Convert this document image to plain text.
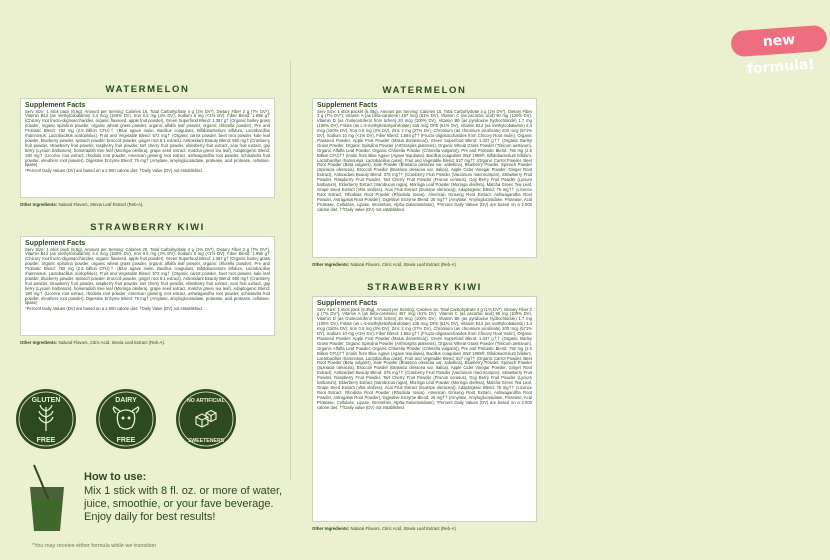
new formula!
WATERMELON
Supplement Facts
Serv Size: 1 stick pack (6.6g), Amount per Serving: Calories 15, Total Carbohydrate 4 g (1% DV*), Dietary Fiber 2 g (7% DV*), Vitamin B12 (as methylcobalamin) 3.4 mcg (150% DV), Iron 0.5 mg (3% DV), Sodium 8 mg (<1% DV), Fiber Blend: 1.686 g† (Chicory root fructo-oligosaccharides, organic flaxseed, apple fruit powder), Green Superfood Blend: 1.367 g† (Organic barley grass powder, organic spirulina powder, organic wheat grass powder, organic alfalfa leaf powder, organic chlorella powder), Pre and Probiotic Blend: 792 mg (2.5 billion CFU)† (Blue agave inulin, Bacillus coagulans, Bifidobacterium bifidum, Lactobacillus rhamnosus, Lactobacillus acidophilus), Fruit and Vegetable Blend: 572 mg† (Organic carrot powder, beet root powder, kale leaf powder, blueberry powder, spinach powder, broccoli powder, ginger root 5:1 extract), Antioxidant Beauty Blend: 550 mg† (Cranberry fruit powder, strawberry fruit powder, raspberry fruit powder, tart cherry fruit powder, elderberry fruit extract, acai fruit extract, goji berry (Lycium barbarum), horseradish tree leaf (Moringa oleifera), grape seed extract, matcha green tea leaf), Adaptogenic Blend: 180 mg† (Licorice root extract, rhodiola root powder, American ginseng root extract, ashwagandha root powder, schisandra fruit powder, eleuthero root powder), Digestive Enzyme Blend: 75 mg† (Amylase, amyloglucosidase, protease, acid protease, cellulase, lipase)
*Percent Daily Values (DV) are based on a 2,000 calorie diet. †Daily Value (DV) not established.
Other Ingredients: Natural Flavors, Stevia Leaf Extract (Reb-A).
STRAWBERRY KIWI
Supplement Facts
Serv Size: 1 stick pack (6.8g), Amount per Serving: Calories 20, Total Carbohydrate 4 g (1% DV*), Dietary Fiber 2 g (7% DV*), Vitamin B12 (as methylcobalamin) 3.4 mcg (150% DV), Iron 0.5 mg (3% DV), Sodium 8 mg (<1% DV), Fiber Blend: 1.686 g† (Chicory root fructo-oligosaccharides, organic flaxseed, apple fruit powder), Green Superfood Blend: 1.367 g† (Organic barley grass powder, organic spirulina powder, organic wheat grass powder, organic alfalfa leaf powder, organic chlorella powder), Pre and Probiotic Blend: 792 mg (2.5 billion CFU)† (Blue agave inulin, Bacillus coagulans, Bifidobacterium bifidum, Lactobacillus rhamnosus, Lactobacillus acidophilus), Fruit and Vegetable Blend: 572 mg† (Organic carrot powder, beet root powder, kale leaf powder, blueberry powder, spinach powder, broccoli powder, ginger root 5:1 extract), Antioxidant Beauty Blend: 550 mg† (Cranberry fruit powder, strawberry fruit powder, raspberry fruit powder, tart cherry fruit powder, elderberry fruit extract, acai fruit extract, goji berry (Lycium barbarum), horseradish tree leaf (Moringa oleifera), grape seed extract, matcha green tea leaf), Adaptogenic Blend: 180 mg† (Licorice root extract, rhodiola root powder, American ginseng root extract, ashwagandha root powder, schisandra fruit powder, eleuthero root powder), Digestive Enzyme Blend: 75 mg† (Amylase, amyloglucosidase, protease, acid protease, cellulase, lipase)
*Percent Daily Values (DV) are based on a 2,000 calorie diet. †Daily Value (DV) not established.
Other Ingredients: Natural Flavors, Citric Acid, Stevia Leaf Extract (Reb-A).
WATERMELON
Supplement Facts
Serv Size: 1 stick packet (5.48g), Amount per Serving: Calories 15, Total Carbohydrate 4 g (1% DV*), Dietary Fiber 2 g (7% DV*), Vitamin A (as beta-carotene) 457 mcg (51% DV), Vitamin C (as ascorbic acid) 90 mg (100% DV), Vitamin D (as cholecalciferol from lichen) 20 mcg (100% DV), Vitamin B6 (as pyridoxine hydrochloride) 1.7 mg (100% DV), Folate (as L-5-methyltetrahydrofolate) 245 mcg DFE (61% DV), Vitamin B12 (as methylcobalamin) 3.4 mcg (150% DV), Iron 0.5 mg (3% DV), Zinc 3 mg (27% DV), Chromium (as chromium picolinate) 200 mcg (571% DV), Sodium 10 mg (<1% DV), Fiber Blend: 1.584 g†† (Fructo-oligosaccharides from Chicory Root Inulin), Organic Flaxseed Powder, Apple Fruit Powder (Malus domestica)), Green Superfood Blend: 1.337 g†† (Organic Barley Grass Powder, Organic Spirulina Powder (Arthrospira platensis), Organic Wheat Grass Powder (Triticum aestivum), Organic Alfalfa Leaf Powder, Organic Chlorella Powder (Chlorella vulgaris)), Pre and Probiotic Blend: 792 mg (2.5 Billion CFU)†† (Inulin from Blue Agave (Agave tequilana), Bacillus coagulans SNZ 1969®, Bifidobacterium bifidum, Lactobacillus rhamnosus, Lactobacillus casei), Fruit and Vegetable Blend: 527 mg†† (Organic Carrot Powder, Beet Root Powder (Beta vulgaris), Kale Powder (Brassica oleracea var. sabellica), Blueberry Powder, Spinach Powder (Spinacia oleracea), Broccoli Powder (Brassica oleracea var. italica), Apple Cider Vinegar Powder, Ginger Root Extract), Antioxidant Beauty Blend: 375 mg†† (Cranberry Fruit Powder (Vaccinium macrocarpon), Strawberry Fruit Powder, Raspberry Fruit Powder, Tart Cherry Fruit Powder (Prunus cerasus), Goji Berry Fruit Powder (Lycium barbarum), Elderberry Extract (Sambucus nigra), Moringa Leaf Powder (Moringa oleifera), Matcha Green Tea Leaf, Grape Seed Extract (Vitis vinifera), Acai Fruit Extract (Euterpe oleracea)), Adaptogenic Blend: 75 mg†† (Licorice Root Extract, Rhodiola Root Powder (Rhodiola rosea), American Ginseng Root Extract, Ashwagandha Root Powder, Astragalus Root Powder), Digestive Enzyme Blend: 25 mg†† (Amylase, Amyloglucosidase, Protease, Acid Protease, Cellulase, Lipase, Bromelain, Alpha-Galactosidase), *Percent Daily Values (DV) are based on a 2,000 calorie diet. ††Daily value (DV) not established.
Other Ingredients: Natural Flavors, Citric Acid, Stevia Leaf Extract (Reb-A)
STRAWBERRY KIWI
Supplement Facts
Serv Size: 1 stick pack (6.35g), Amount per Serving: Calories 15, Total Carbohydrate 4 g (1% DV*), Dietary Fiber 2 g (7% DV*), Vitamin A (as beta-carotene) 457 mcg (51% DV), Vitamin C (as ascorbic acid) 90 mg (100% DV), Vitamin D (as cholecalciferol from lichen) 20 mcg (100% DV), Vitamin B6 (as pyridoxine hydrochloride) 1.7 mg (100% DV), Folate (as L-5-methyltetrahydrofolate) 245 mcg DFE (61% DV), Vitamin B12 (as methylcobalamin) 3.4 mcg (150% DV), Iron 0.5 mg (3% DV), Zinc 3 mg (27% DV), Chromium (as chromium picolinate) 200 mcg (571% DV), Sodium 10 mg (<1% DV), Fiber Blend: 1.584 g†† (Fructo-oligosaccharides from Chicory Root Inulin), Organic Flaxseed Powder, Apple Fruit Powder (Malus domestica)), Green Superfood Blend: 1.337 g†† (Organic Barley Grass Powder, Organic Spirulina Powder (Arthrospira platensis), Organic Wheat Grass Powder (Triticum aestivum), Organic Alfalfa Leaf Powder, Organic Chlorella Powder (Chlorella vulgaris)), Pre and Probiotic Blend: 792 mg (2.5 Billion CFU)†† (Inulin from Blue Agave (Agave tequilana), Bacillus coagulans SNZ 1969®, Bifidobacterium bifidum, Lactobacillus rhamnosus, Lactobacillus casei), Fruit and Vegetable Blend: 527 mg†† (Organic Carrot Powder, Beet Root Powder (Beta vulgaris), Kale Powder (Brassica oleracea var. sabellica), Blueberry Powder, Spinach Powder (Spinacia oleracea), Broccoli Powder (Brassica oleracea var. italica), Apple Cider Vinegar Powder, Ginger Root Extract), Antioxidant Beauty Blend: 375 mg†† (Cranberry Fruit Powder (Vaccinium macrocarpon), Strawberry Fruit Powder, Raspberry Fruit Powder, Tart Cherry Fruit Powder (Prunus cerasus), Goji Berry Fruit Powder (Lycium barbarum), Elderberry Extract (Sambucus nigra), Moringa Leaf Powder (Moringa oleifera), Matcha Green Tea Leaf, Grape Seed Extract (Vitis vinifera), Acai Fruit Extract (Euterpe oleracea)), Adaptogenic Blend: 75 mg†† (Licorice Root Extract, Rhodiola Root Powder (Rhodiola rosea), American Ginseng Root Extract, Ashwagandha Root Powder, Astragalus Root Powder), Digestive Enzyme Blend: 25 mg†† (Amylase, Amyloglucosidase, Protease, Acid Protease, Cellulase, Lipase, Bromelain, Alpha-Galactosidase), *Percent Daily Values (DV) are based on a 2,000 calorie diet. ††Daily value (DV) not established.
Other Ingredients: Natural Flavors, Citric Acid, Stevia Leaf Extract (Reb-A)
GLUTEN
FREE
DAIRY
FREE
NO ARTIFICIAL
SWEETENERS
How to use:
Mix 1 stick with 8 fl. oz. or more of water, juice, smoothie, or your fave beverage. Enjoy daily for best results!
*You may receive either formula while we transition
